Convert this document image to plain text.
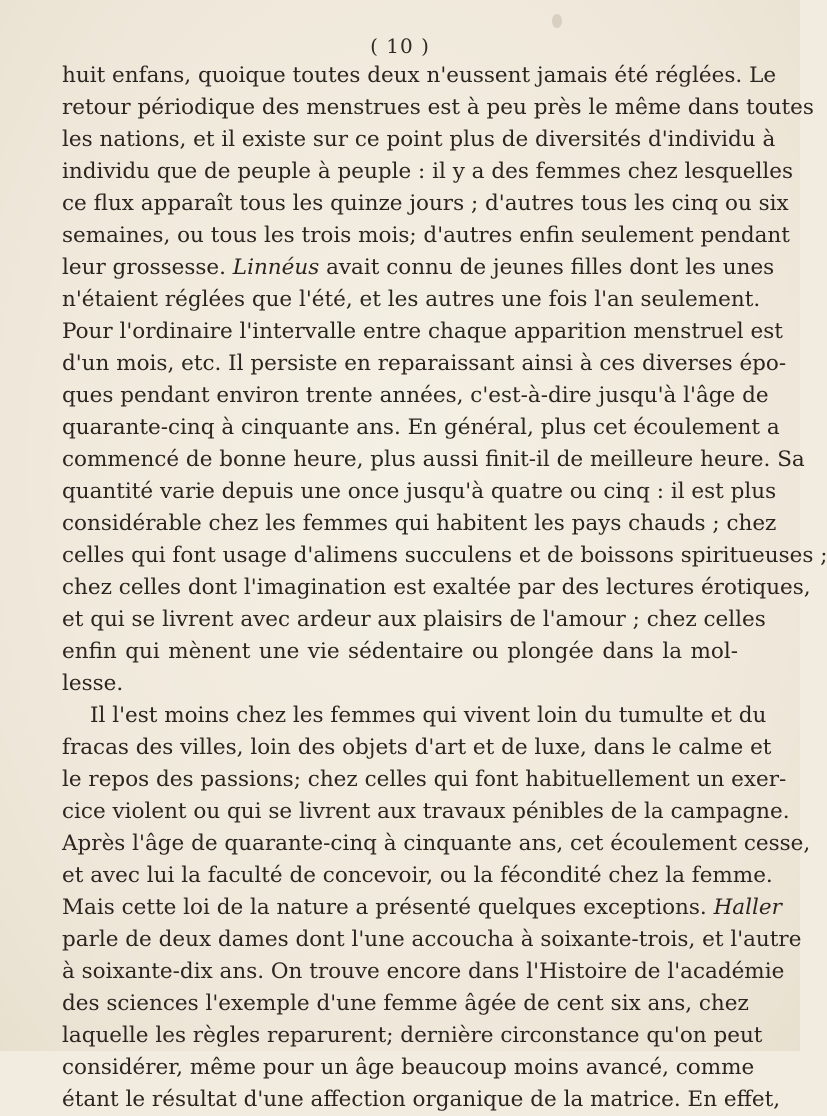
( 10 )
huit enfans, quoique toutes deux n'eussent jamais été réglées. Le
retour périodique des menstrues est à peu près le même dans toutes
les nations, et il existe sur ce point plus de diversités d'individu à
individu que de peuple à peuple : il y a des femmes chez lesquelles
ce flux apparaît tous les quinze jours ; d'autres tous les cinq ou six
semaines, ou tous les trois mois; d'autres enfin seulement pendant
leur grossesse. Linnéus avait connu de jeunes filles dont les unes
n'étaient réglées que l'été, et les autres une fois l'an seulement.
Pour l'ordinaire l'intervalle entre chaque apparition menstruel est
d'un mois, etc. Il persiste en reparaissant ainsi à ces diverses épo-
ques pendant environ trente années, c'est-à-dire jusqu'à l'âge de
quarante-cinq à cinquante ans. En général, plus cet écoulement a
commencé de bonne heure, plus aussi finit-il de meilleure heure. Sa
quantité varie depuis une once jusqu'à quatre ou cinq : il est plus
considérable chez les femmes qui habitent les pays chauds ; chez
celles qui font usage d'alimens succulens et de boissons spiritueuses ;
chez celles dont l'imagination est exaltée par des lectures érotiques,
et qui se livrent avec ardeur aux plaisirs de l'amour ; chez celles
enfin qui mènent une vie sédentaire ou plongée dans la mol-
lesse.
Il l'est moins chez les femmes qui vivent loin du tumulte et du
fracas des villes, loin des objets d'art et de luxe, dans le calme et
le repos des passions; chez celles qui font habituellement un exer-
cice violent ou qui se livrent aux travaux pénibles de la campagne.
Après l'âge de quarante-cinq à cinquante ans, cet écoulement cesse,
et avec lui la faculté de concevoir, ou la fécondité chez la femme.
Mais cette loi de la nature a présenté quelques exceptions. Haller
parle de deux dames dont l'une accoucha à soixante-trois, et l'autre
à soixante-dix ans. On trouve encore dans l'Histoire de l'académie
des sciences l'exemple d'une femme âgée de cent six ans, chez
laquelle les règles reparurent; dernière circonstance qu'on peut
considérer, même pour un âge beaucoup moins avancé, comme
étant le résultat d'une affection organique de la matrice. En effet,
